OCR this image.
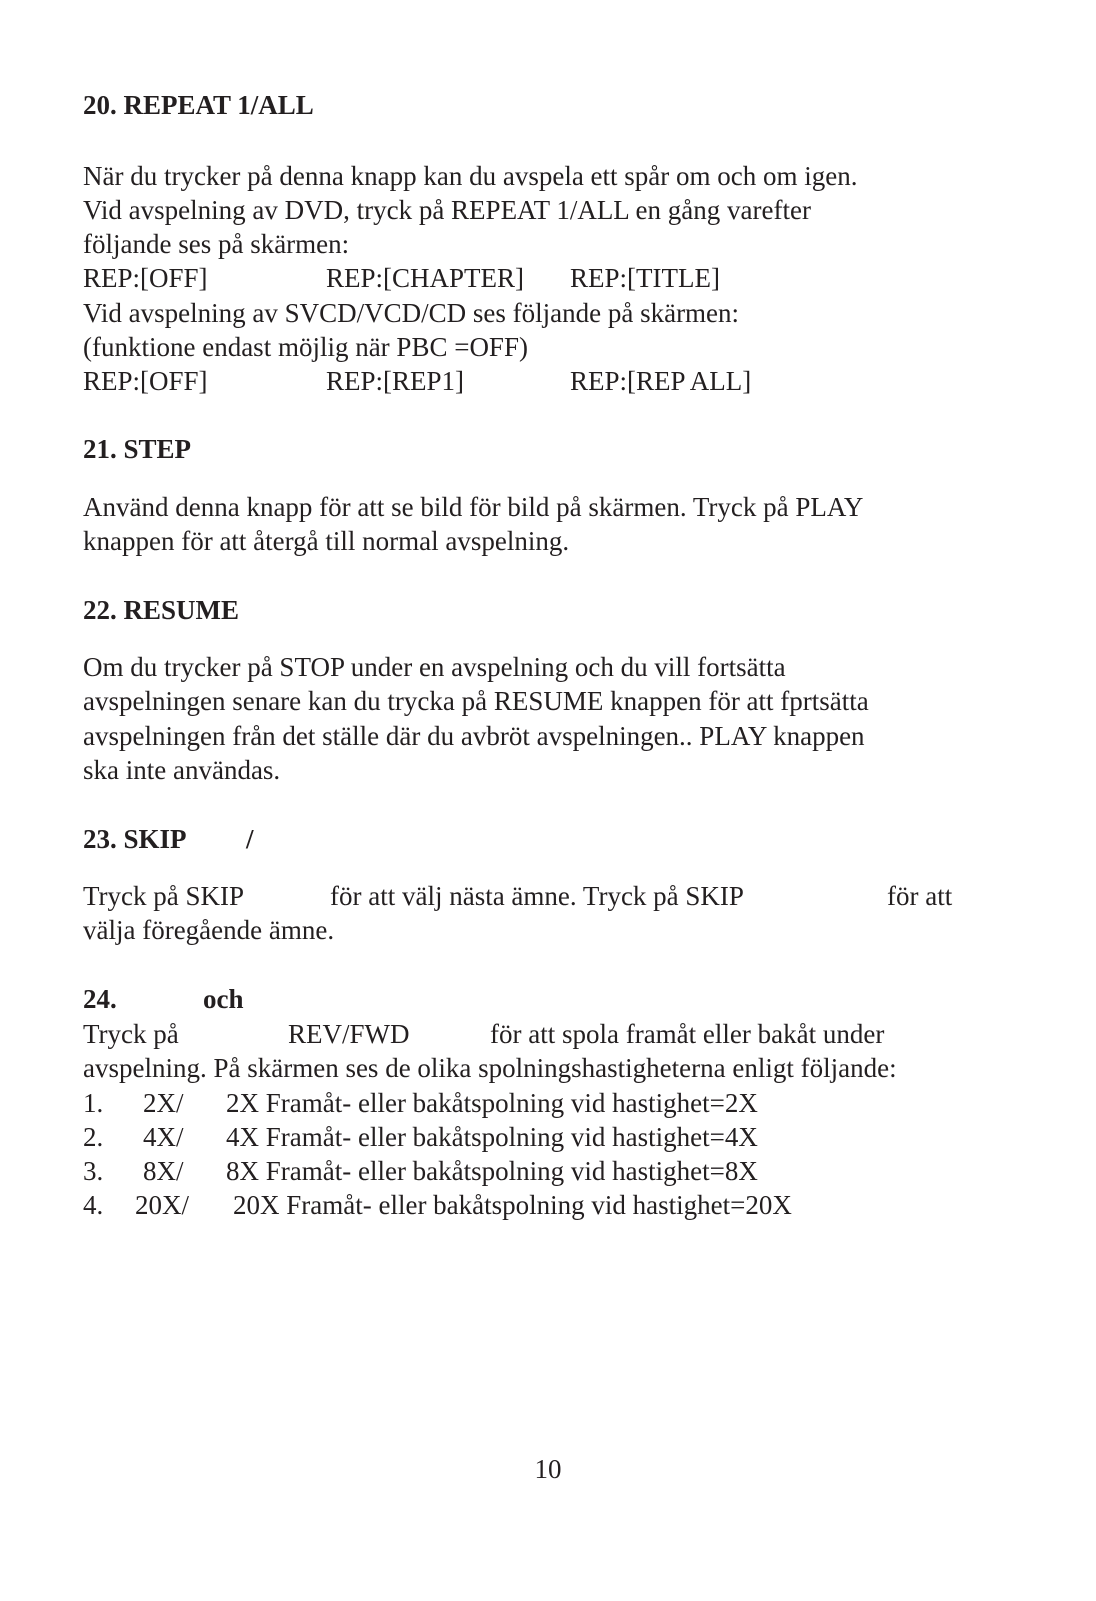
20. REPEAT 1/ALL
När du trycker på denna knapp kan du avspela ett spår om och om igen.
Vid avspelning av DVD, tryck på REPEAT 1/ALL en gång varefter
följande ses på skärmen:
REP:[OFF]	REP:[CHAPTER] REP:[TITLE]
Vid avspelning av SVCD/VCD/CD ses följande på skärmen:
(funktione endast möjlig när PBC =OFF)
REP:[OFF]	REP:[REP1]	REP:[REP ALL]
21. STEP
Använd denna knapp för att se bild för bild på skärmen. Tryck på PLAY
knappen för att återgå till normal avspelning.
22. RESUME
Om du trycker på STOP under en avspelning och du vill fortsätta
avspelningen senare kan du trycka på RESUME knappen för att fprtsätta
avspelningen från det ställe där du avbröt avspelningen.. PLAY knappen
ska inte användas.
23. SKIP /
Tryck på SKIP	för att välj nästa ämne. Tryck på SKIP	för att
välja föregående ämne.
24.	och
Tryck på	REV/FWD	för att spola framåt eller bakåt under
avspelning. På skärmen ses de olika spolningshastigheterna enligt följande:
1. 2X/ 2X Framåt- eller bakåtspolning vid hastighet=2X
2. 4X/ 4X Framåt- eller bakåtspolning vid hastighet=4X
3. 8X/ 8X Framåt- eller bakåtspolning vid hastighet=8X
4. 20X/ 20X Framåt- eller bakåtspolning vid hastighet=20X
10
